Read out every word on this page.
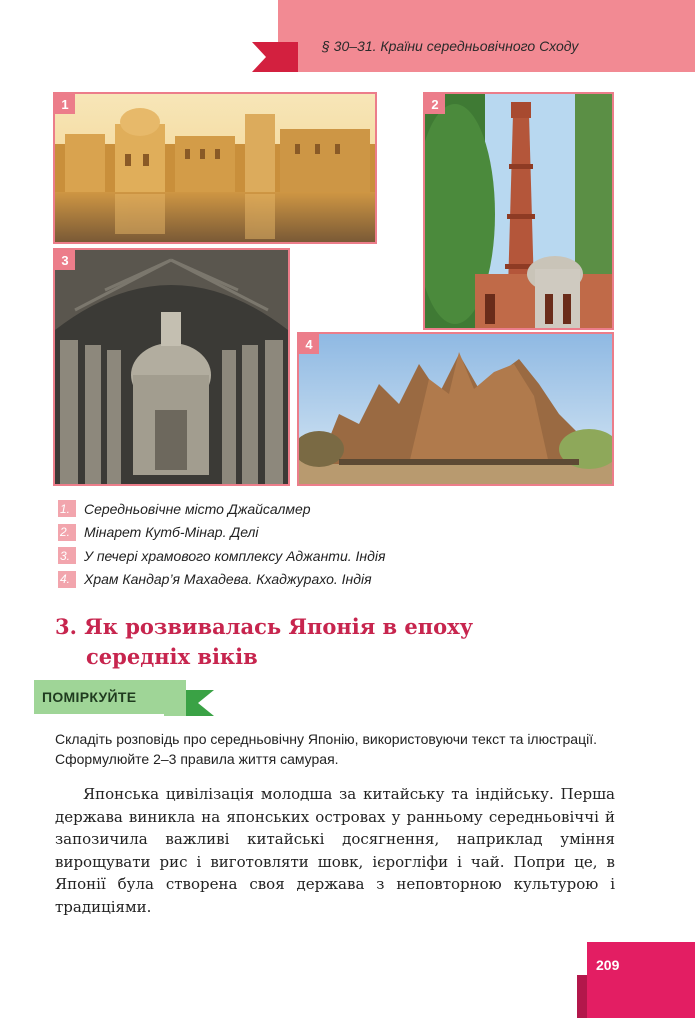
§ 30–31. Країни середньовічного Сходу
1	2
3
4
1. Середньовічне місто Джайсалмер
2. Мінарет Кутб-Мінар. Делі
3. У печері храмового комплексу Аджанти. Індія
4. Храм Кандар’я Махадева. Кхаджурахо. Індія
3. Як розвивалась Японія в епоху
середніх віків
ПОМІРКУЙТЕ
Складіть розповідь про середньовічну Японію, використовуючи текст та ілюстрації. Сформулюйте 2–3 правила життя самурая.
Японська цивілізація молодша за китайську та індійську. Перша держава виникла на японських островах у ранньому середньовіччі й запозичила важливі китайські досягнення, наприклад уміння вирощувати рис і виготовляти шовк, ієрогліфи і чай. Попри це, в Японії була створена своя держава з неповторною культурою і традиціями.
209
